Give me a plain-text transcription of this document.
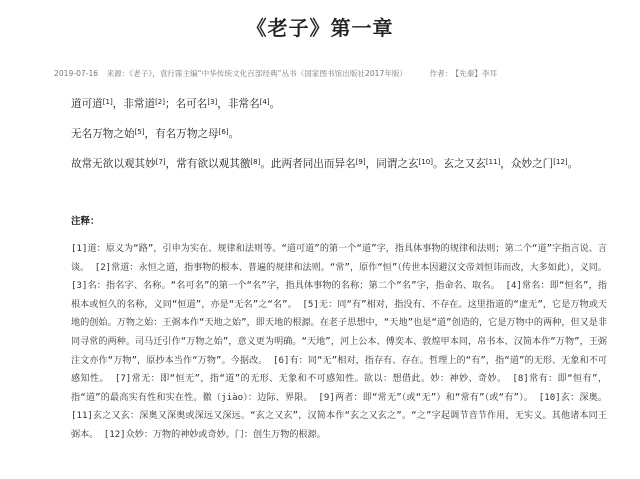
《老子》第一章
2019-07-16 来源：《老子》，袁行霈主编“中华传统文化百部经典”丛书（国家图书馆出版社2017年版）	作者： 【先秦】李耳
道可道[1]，非常道[2]；名可名[3]，非常名[4]。
无名万物之始[5]，有名万物之母[6]。
故常无欲以观其妙[7]，常有欲以观其徼[8]。此两者同出而异名[9]，同谓之玄[10]。玄之又玄[11]，众妙之门[12]。
注释：
[1]道：原义为“路”，引申为实在、规律和法则等。“道可道”的第一个“道”字，指具体事物的规律和法则；第二个“道”字指言说、言谈。 [2]常道：永恒之道，指事物的根本、普遍的规律和法则。“常”，原作“恒”（传世本因避汉文帝刘恒讳而改，大多如此），义同。 [3]名：指名字、名称。“名可名”的第一个“名”字，指具体事物的名称；第二个“名”字，指命名、取名。 [4]常名：即“恒名”，指根本或恒久的名称，义同“恒道”，亦是“无名”之“名”。 [5]无：同“有”相对，指没有、不存在。这里指道的“虚无”，它是万物或天地的创始。万物之始：王弼本作“天地之始”，即天地的根源。在老子思想中，“天地”也是“道”创造的，它是万物中的两种，但又是非同寻常的两种。司马迁引作“万物之始”，意义更为明确。“天地”，河上公本、傅奕本、敦煌甲本同，帛书本、汉简本作“万物”，王弼注文亦作“万物”，原抄本当作“万物”。今据改。 [6]有：同“无”相对，指存有、存在。哲理上的“有”，指“道”的无形、无象和不可感知性。 [7]常无：即“恒无”，指“道”的无形、无象和不可感知性。欲以：想借此。妙：神妙、奇妙。 [8]常有：即“恒有”，指“道”的最高实有性和实在性。徼（jiào）：边际、界限。 [9]两者：即“常无”（或“无”）和“常有”（或“有”）。 [10]玄：深奥。 [11]玄之又玄：深奥又深奥或深远又深远。“玄之又玄”，汉简本作“玄之又玄之”。“之”字起调节音节作用，无实义。其他诸本同王弼本。 [12]众妙：万物的神妙或奇妙。门：创生万物的根源。
